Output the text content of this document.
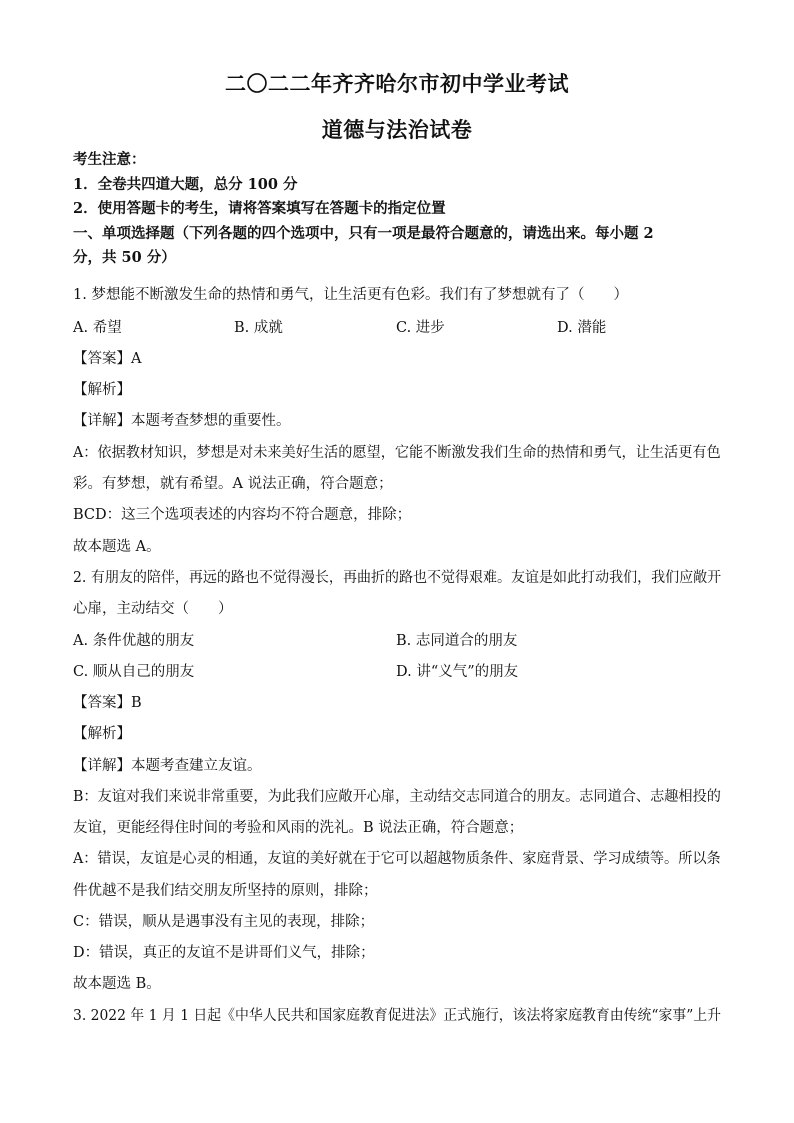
二〇二二年齐齐哈尔市初中学业考试
道德与法治试卷
考生注意：
1．全卷共四道大题，总分 100 分
2．使用答题卡的考生，请将答案填写在答题卡的指定位置
一、单项选择题（下列各题的四个选项中，只有一项是最符合题意的，请选出来。每小题 2
分，共 50 分）
1. 梦想能不断激发生命的热情和勇气，让生活更有色彩。我们有了梦想就有了（　　）
A. 希望	B. 成就	C. 进步	D. 潜能
【答案】A
【解析】
【详解】本题考查梦想的重要性。
A：依据教材知识，梦想是对未来美好生活的愿望，它能不断激发我们生命的热情和勇气，让生活更有色
彩。有梦想，就有希望。A 说法正确，符合题意；
BCD：这三个选项表述的内容均不符合题意，排除；
故本题选 A。
2. 有朋友的陪伴，再远的路也不觉得漫长，再曲折的路也不觉得艰难。友谊是如此打动我们，我们应敞开
心扉，主动结交（　　）
A. 条件优越的朋友	B. 志同道合的朋友
C. 顺从自己的朋友	D. 讲“义气”的朋友
【答案】B
【解析】
【详解】本题考查建立友谊。
B：友谊对我们来说非常重要，为此我们应敞开心扉，主动结交志同道合的朋友。志同道合、志趣相投的
友谊，更能经得住时间的考验和风雨的洗礼。B 说法正确，符合题意；
A：错误，友谊是心灵的相通，友谊的美好就在于它可以超越物质条件、家庭背景、学习成绩等。所以条
件优越不是我们结交朋友所坚持的原则，排除；
C：错误，顺从是遇事没有主见的表现，排除；
D：错误，真正的友谊不是讲哥们义气，排除；
故本题选 B。
3. 2022 年 1 月 1 日起《中华人民共和国家庭教育促进法》正式施行，该法将家庭教育由传统“家事”上升
